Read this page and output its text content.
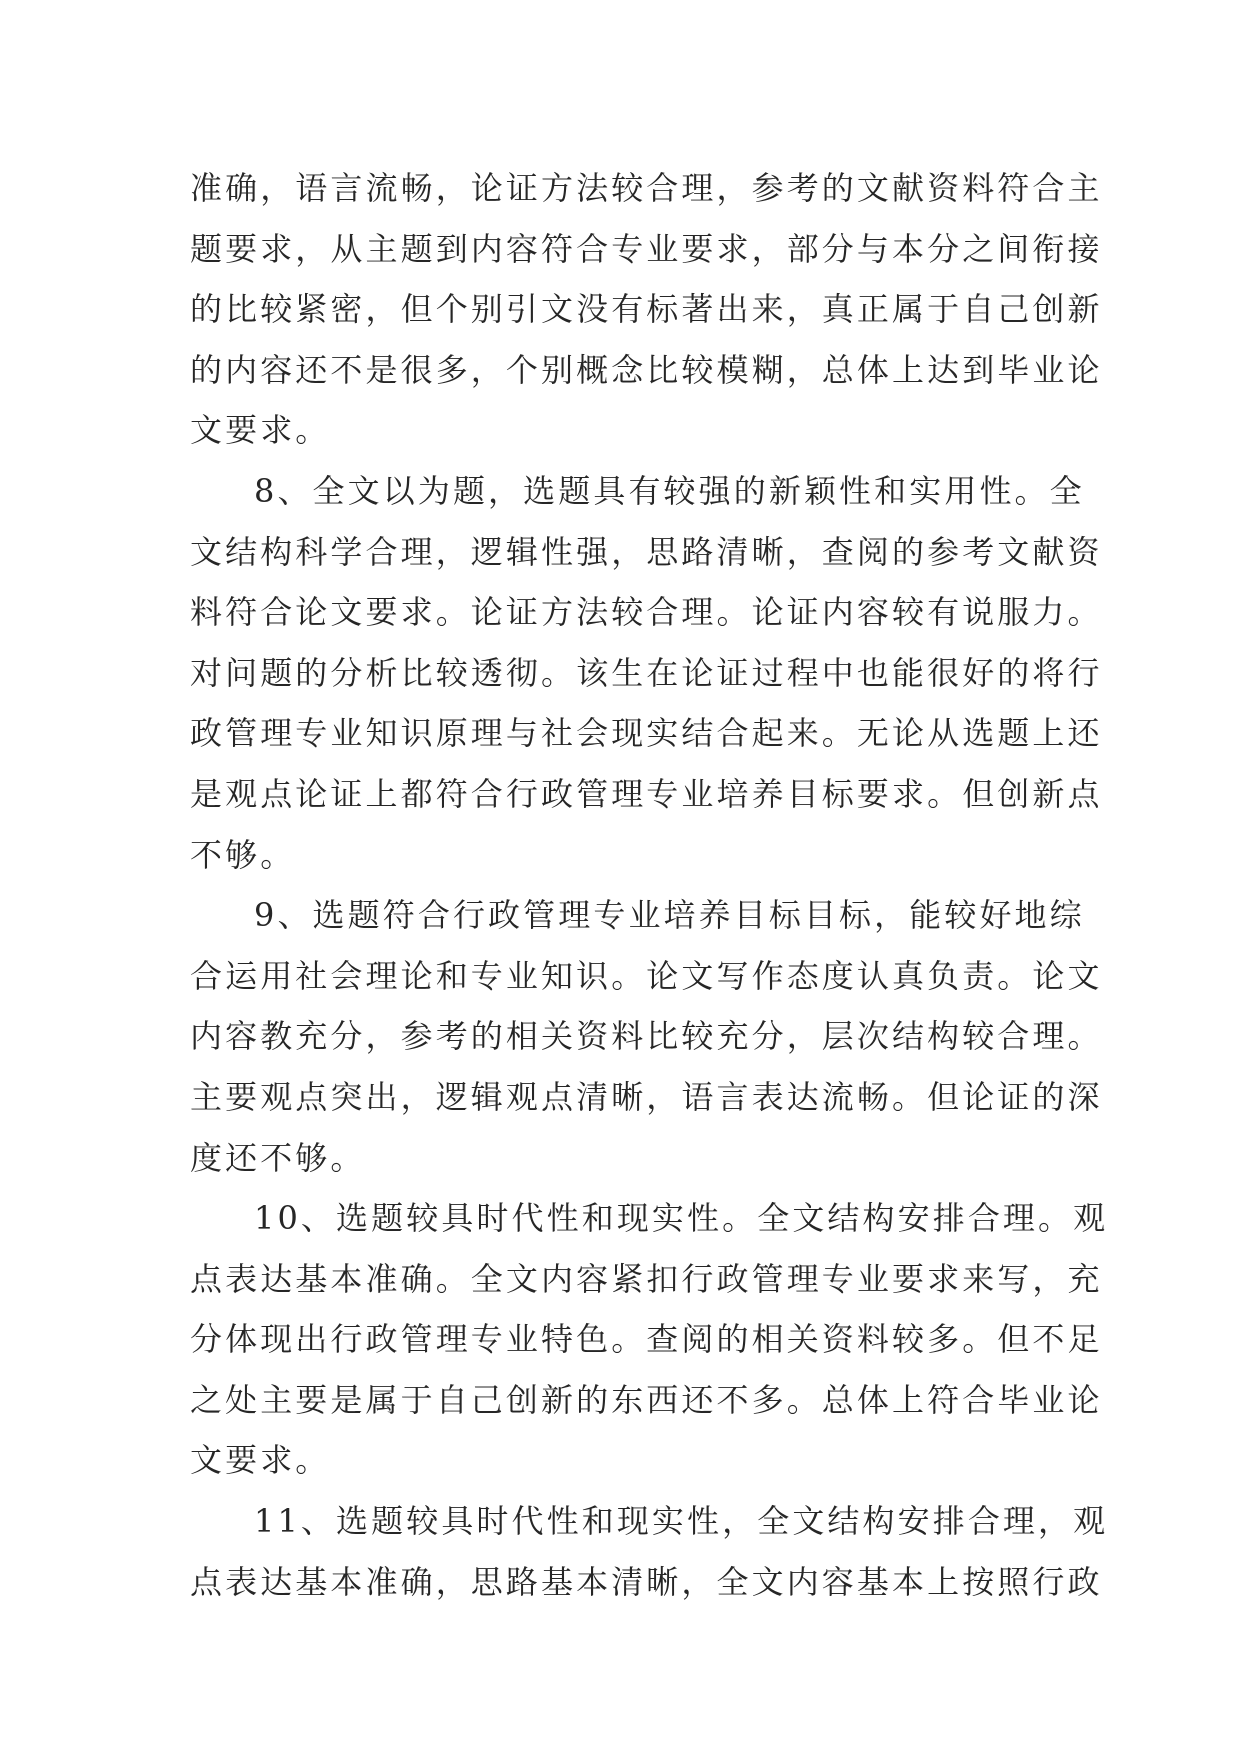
准确，语言流畅，论证方法较合理，参考的文献资料符合主
题要求，从主题到内容符合专业要求，部分与本分之间衔接
的比较紧密，但个别引文没有标著出来，真正属于自己创新
的内容还不是很多，个别概念比较模糊，总体上达到毕业论
文要求。
8、全文以为题，选题具有较强的新颖性和实用性。全
文结构科学合理，逻辑性强，思路清晰，查阅的参考文献资
料符合论文要求。论证方法较合理。论证内容较有说服力。
对问题的分析比较透彻。该生在论证过程中也能很好的将行
政管理专业知识原理与社会现实结合起来。无论从选题上还
是观点论证上都符合行政管理专业培养目标要求。但创新点
不够。
9、选题符合行政管理专业培养目标目标，能较好地综
合运用社会理论和专业知识。论文写作态度认真负责。论文
内容教充分，参考的相关资料比较充分，层次结构较合理。
主要观点突出，逻辑观点清晰，语言表达流畅。但论证的深
度还不够。
10、选题较具时代性和现实性。全文结构安排合理。观
点表达基本准确。全文内容紧扣行政管理专业要求来写，充
分体现出行政管理专业特色。查阅的相关资料较多。但不足
之处主要是属于自己创新的东西还不多。总体上符合毕业论
文要求。
11、选题较具时代性和现实性，全文结构安排合理，观
点表达基本准确，思路基本清晰，全文内容基本上按照行政
